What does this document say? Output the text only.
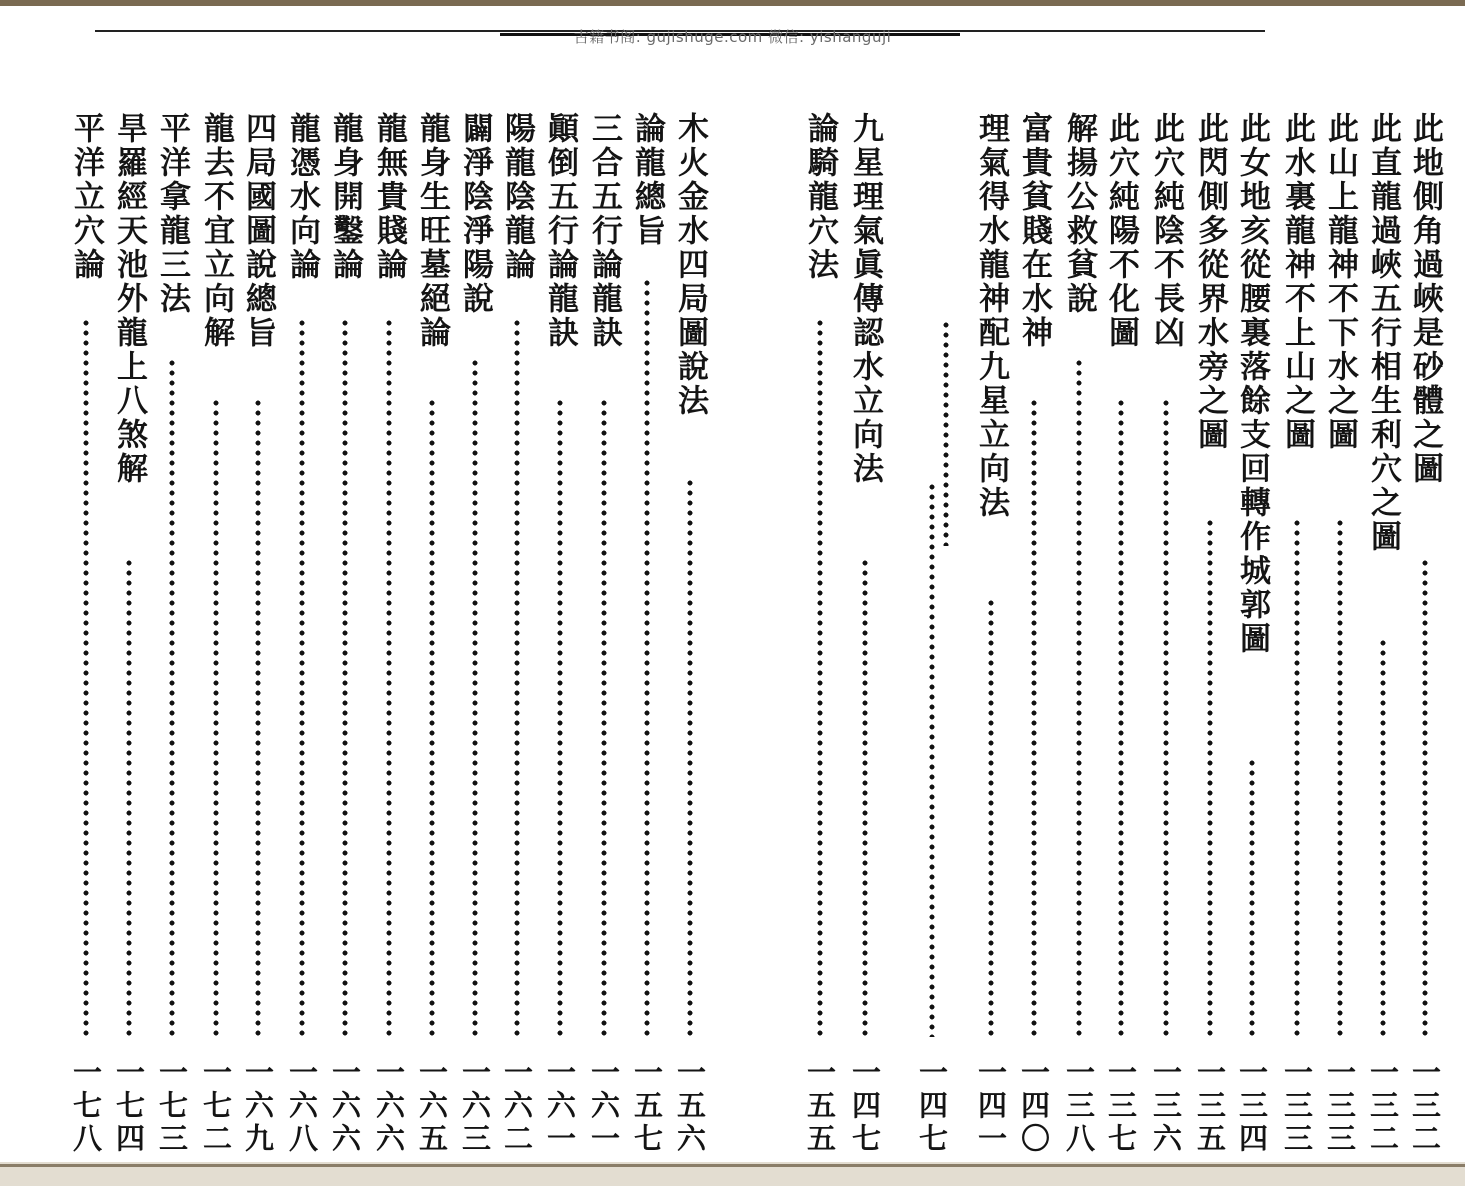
古籍书阁: gujishuge.com 微信: yishanguji
此地側角過峽是砂體之圖
一三二
此直龍過峽五行相生利穴之圖
一三二
此山上龍神不下水之圖
一三三
此水裏龍神不上山之圖
一三三
此女地亥從腰裏落餘支回轉作城郭圖
一三四
此閃側多從界水旁之圖
一三五
此穴純陰不長凶
一三六
此穴純陽不化圖
一三七
解揚公救貧說
一三八
富貴貧賤在水神
一四〇
理氣得水龍神配九星立向法
一四一
一四七
九星理氣眞傳認水立向法
一四七
論騎龍穴法
一五五
木火金水四局圖說法
一五六
論龍總旨
一五七
三合五行論龍訣
一六一
顚倒五行論龍訣
一六一
陽龍陰龍論
一六二
闢淨陰淨陽說
一六三
龍身生旺墓絕論
一六五
龍無貴賤論
一六六
龍身開鑿論
一六六
龍憑水向論
一六八
四局國圖說總旨
一六九
龍去不宜立向解
一七二
平洋拿龍三法
一七三
旱羅經天池外龍上八煞解
一七四
平洋立穴論
一七八
